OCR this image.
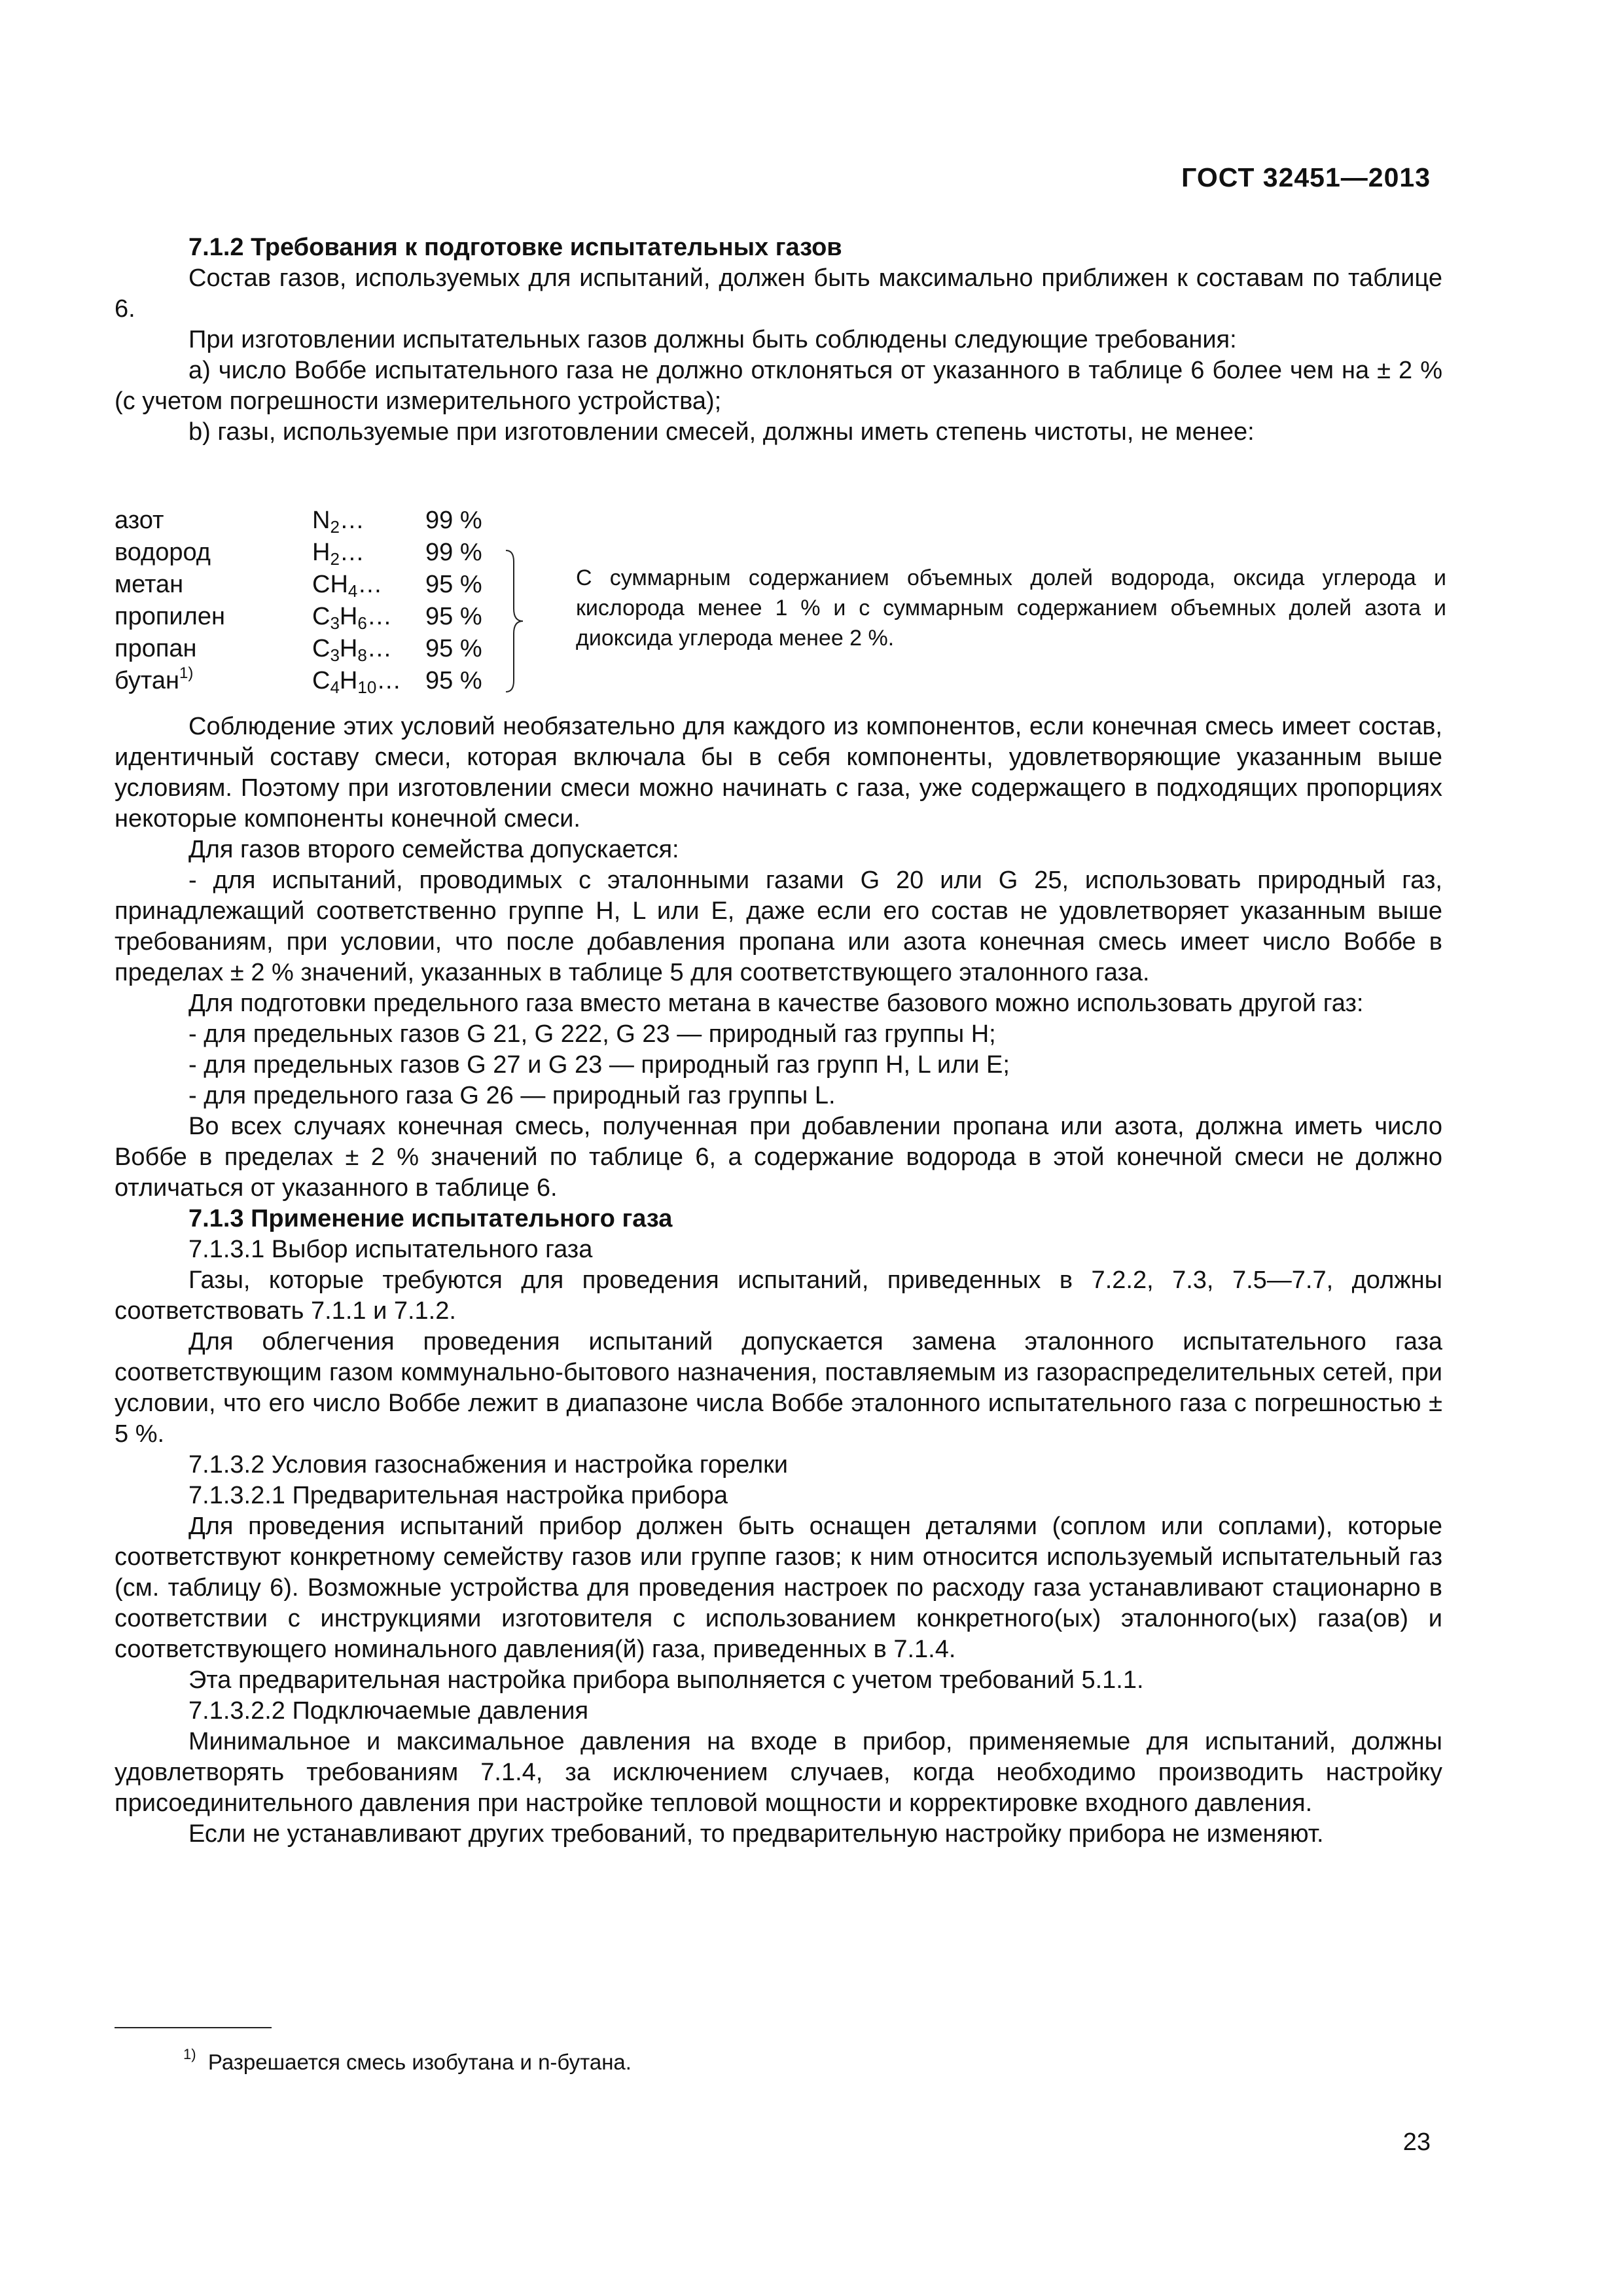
ГОСТ 32451—2013

7.1.2 Требования к подготовке испытательных газов

Состав газов, используемых для испытаний, должен быть максимально приближен к составам по таблице 6.

При изготовлении испытательных газов должны быть соблюдены следующие требования:

a) число Воббе испытательного газа не должно отклоняться от указанного в таблице 6 более чем на ± 2 % (с учетом погрешности измерительного устройства);

b) газы, используемые при изготовлении смесей, должны иметь степень чистоты, не менее:

азот	$N_2\dots$	99 %
водород	$H_2\dots$	99 %
метан	$CH_4\dots$	95 %
пропилен	$C_3H_6\dots$	95 %
пропан	$C_3H_8\dots$	95 %
бутан$^{1)}$	$C_4H_{10}\dots$ 95 %
С суммарным содержанием объемных долей водорода, оксида углерода и кислорода менее 1 % и с суммарным содержанием объемных долей азота и диоксида углерода менее 2 %.

Соблюдение этих условий необязательно для каждого из компонентов, если конечная смесь имеет состав, идентичный составу смеси, которая включала бы в себя компоненты, удовлетворяющие указанным выше условиям. Поэтому при изготовлении смеси можно начинать с газа, уже содержащего в подходящих пропорциях некоторые компоненты конечной смеси.

Для газов второго семейства допускается:

- для испытаний, проводимых с эталонными газами G 20 или G 25, использовать природный газ, принадлежащий соответственно группе H, L или E, даже если его состав не удовлетворяет указанным выше требованиям, при условии, что после добавления пропана или азота конечная смесь имеет число Воббе в пределах ± 2 % значений, указанных в таблице 5 для соответствующего эталонного газа.

Для подготовки предельного газа вместо метана в качестве базового можно использовать другой газ:

- для предельных газов G 21, G 222, G 23 — природный газ группы H;

- для предельных газов G 27 и G 23 — природный газ групп H, L или E;

- для предельного газа G 26 — природный газ группы L.

Во всех случаях конечная смесь, полученная при добавлении пропана или азота, должна иметь число Воббе в пределах ± 2 % значений по таблице 6, а содержание водорода в этой конечной смеси не должно отличаться от указанного в таблице 6.

7.1.3 Применение испытательного газа

7.1.3.1 Выбор испытательного газа

Газы, которые требуются для проведения испытаний, приведенных в 7.2.2, 7.3, 7.5—7.7, должны соответствовать 7.1.1 и 7.1.2.

Для облегчения проведения испытаний допускается замена эталонного испытательного газа соответствующим газом коммунально-бытового назначения, поставляемым из газораспределительных сетей, при условии, что его число Воббе лежит в диапазоне числа Воббе эталонного испытательного газа с погрешностью ± 5 %.

7.1.3.2 Условия газоснабжения и настройка горелки

7.1.3.2.1 Предварительная настройка прибора

Для проведения испытаний прибор должен быть оснащен деталями (соплом или соплами), которые соответствуют конкретному семейству газов или группе газов; к ним относится используемый испытательный газ (см. таблицу 6). Возможные устройства для проведения настроек по расходу газа устанавливают стационарно в соответствии с инструкциями изготовителя с использованием конкретного(ых) эталонного(ых) газа(ов) и соответствующего номинального давления(й) газа, приведенных в 7.1.4.

Эта предварительная настройка прибора выполняется с учетом требований 5.1.1.

7.1.3.2.2 Подключаемые давления

Минимальное и максимальное давления на входе в прибор, применяемые для испытаний, должны удовлетворять требованиям 7.1.4, за исключением случаев, когда необходимо производить настройку присоединительного давления при настройке тепловой мощности и корректировке входного давления.

Если не устанавливают других требований, то предварительную настройку прибора не изменяют.

$^{1)}$ Разрешается смесь изобутана и n-бутана.
23
